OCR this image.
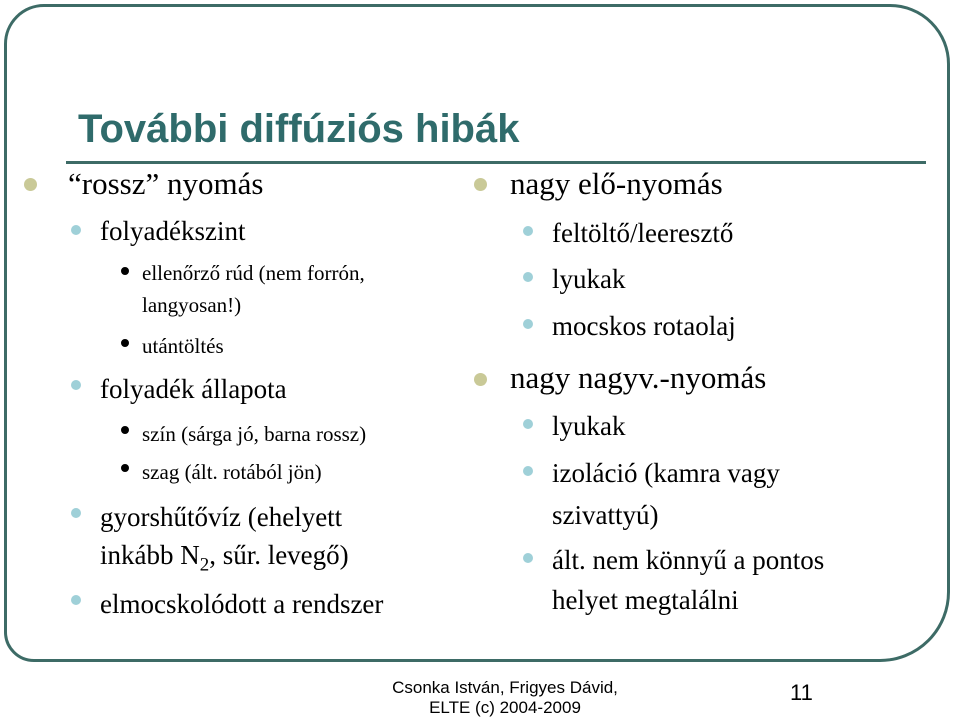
További diffúziós hibák
“rossz” nyomás
folyadékszint
ellenőrző rúd (nem forrón,
langyosan!)
utántöltés
folyadék állapota
szín (sárga jó, barna rossz)
szag (ált. rotából jön)
gyorshűtővíz (ehelyett
inkább $N_2$, sűr. levegő)
elmocskolódott a rendszer
nagy elő-nyomás
feltöltő/leeresztő
lyukak
mocskos rotaolaj
nagy nagyv.-nyomás
lyukak
izoláció (kamra vagy
szivattyú)
ált. nem könnyű a pontos
helyet megtalálni
Csonka István, Frigyes Dávid,
ELTE (c) 2004-2009
11
